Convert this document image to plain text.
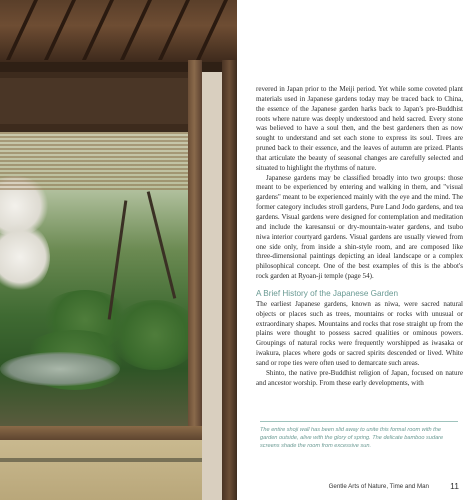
revered in Japan prior to the Meiji period. Yet while some coveted plant materials used in Japanese gardens today may be traced back to China, the essence of the Japanese garden harks back to Japan's pre-Buddhist roots where nature was deeply understood and held sacred. Every stone was believed to have a soul then, and the best gardeners then as now sought to understand and set each stone to express its soul. Trees are pruned back to their essence, and the leaves of autumn are prized. Plants that articulate the beauty of seasonal changes are carefully selected and situated to highlight the rhythms of nature.

Japanese gardens may be classified broadly into two groups: those meant to be experienced by entering and walking in them, and "visual gardens" meant to be experienced mainly with the eye and the mind. The former category includes stroll gardens, Pure Land Jodo gardens, and tea gardens. Visual gardens were designed for contemplation and meditation and include the karesansui or dry-mountain-water gardens, and tsubo niwa interior courtyard gardens. Visual gardens are usually viewed from one side only, from inside a shin-style room, and are composed like three-dimensional paintings depicting an ideal landscape or a complex philosophical concept. One of the best examples of this is the abbot's rock garden at Ryoan-ji temple (page 54).

A Brief History of the Japanese Garden

The earliest Japanese gardens, known as niwa, were sacred natural objects or places such as trees, mountains or rocks with unusual or extraordinary shapes. Mountains and rocks that rose straight up from the plains were thought to possess sacred qualities or ominous powers. Groupings of natural rocks were frequently worshipped as iwasaka or iwakura, places where gods or sacred spirits descended or lived. White sand or rope ties were often used to demarcate such areas.

Shinto, the native pre-Buddhist religion of Japan, focused on nature and ancestor worship. From these early developments, with

The entire shoji wall has been slid away to unite this formal room with the garden outside, alive with the glory of spring. The delicate bamboo sudare screens shade the room from excessive sun.
Gentle Arts of Nature, Time and Man 11
